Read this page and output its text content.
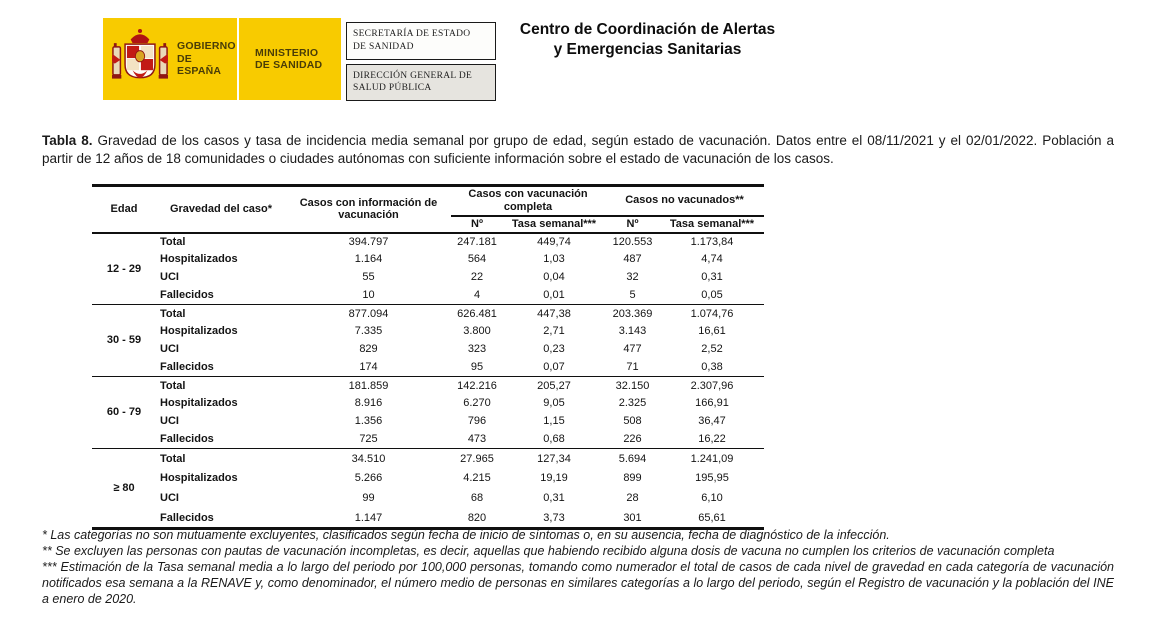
GOBIERNO
DE ESPAÑA
MINISTERIO
DE SANIDAD
SECRETARÍA DE ESTADO
DE SANIDAD
DIRECCIÓN GENERAL DE
SALUD PÚBLICA
Centro de Coordinación de Alertas
y Emergencias Sanitarias
Tabla 8. Gravedad de los casos y tasa de incidencia media semanal por grupo de edad, según estado de vacunación. Datos entre el 08/11/2021 y el 02/01/2022. Población a partir de 12 años de 18 comunidades o ciudades autónomas con suficiente información sobre el estado de vacunación de los casos.
Edad	Gravedad del caso*	Casos con información de vacunación	Casos con vacunación completa		Casos no vacunados**	
			Nº	Tasa semanal***	Nº	Tasa semanal***
12 - 29	Total	394.797	247.181	449,74	120.553	1.173,84
	Hospitalizados	1.164	564	1,03	487	4,74
	UCI	55	22	0,04	32	0,31
	Fallecidos	10	4	0,01	5	0,05
30 - 59	Total	877.094	626.481	447,38	203.369	1.074,76
	Hospitalizados	7.335	3.800	2,71	3.143	16,61
	UCI	829	323	0,23	477	2,52
	Fallecidos	174	95	0,07	71	0,38
60 - 79	Total	181.859	142.216	205,27	32.150	2.307,96
	Hospitalizados	8.916	6.270	9,05	2.325	166,91
	UCI	1.356	796	1,15	508	36,47
	Fallecidos	725	473	0,68	226	16,22
≥ 80	Total	34.510	27.965	127,34	5.694	1.241,09
	Hospitalizados	5.266	4.215	19,19	899	195,95
	UCI	99	68	0,31	28	6,10
	Fallecidos	1.147	820	3,73	301	65,61

* Las categorías no son mutuamente excluyentes, clasificados según fecha de inicio de síntomas o, en su ausencia, fecha de diagnóstico de la infección.

** Se excluyen las personas con pautas de vacunación incompletas, es decir, aquellas que habiendo recibido alguna dosis de vacuna no cumplen los criterios de vacunación completa

*** Estimación de la Tasa semanal media a lo largo del periodo por 100,000 personas, tomando como numerador el total de casos de cada nivel de gravedad en cada categoría de vacunación notificados esa semana a la RENAVE y, como denominador, el número medio de personas en similares categorías a lo largo del periodo, según el Registro de vacunación y la población del INE a enero de 2020.
